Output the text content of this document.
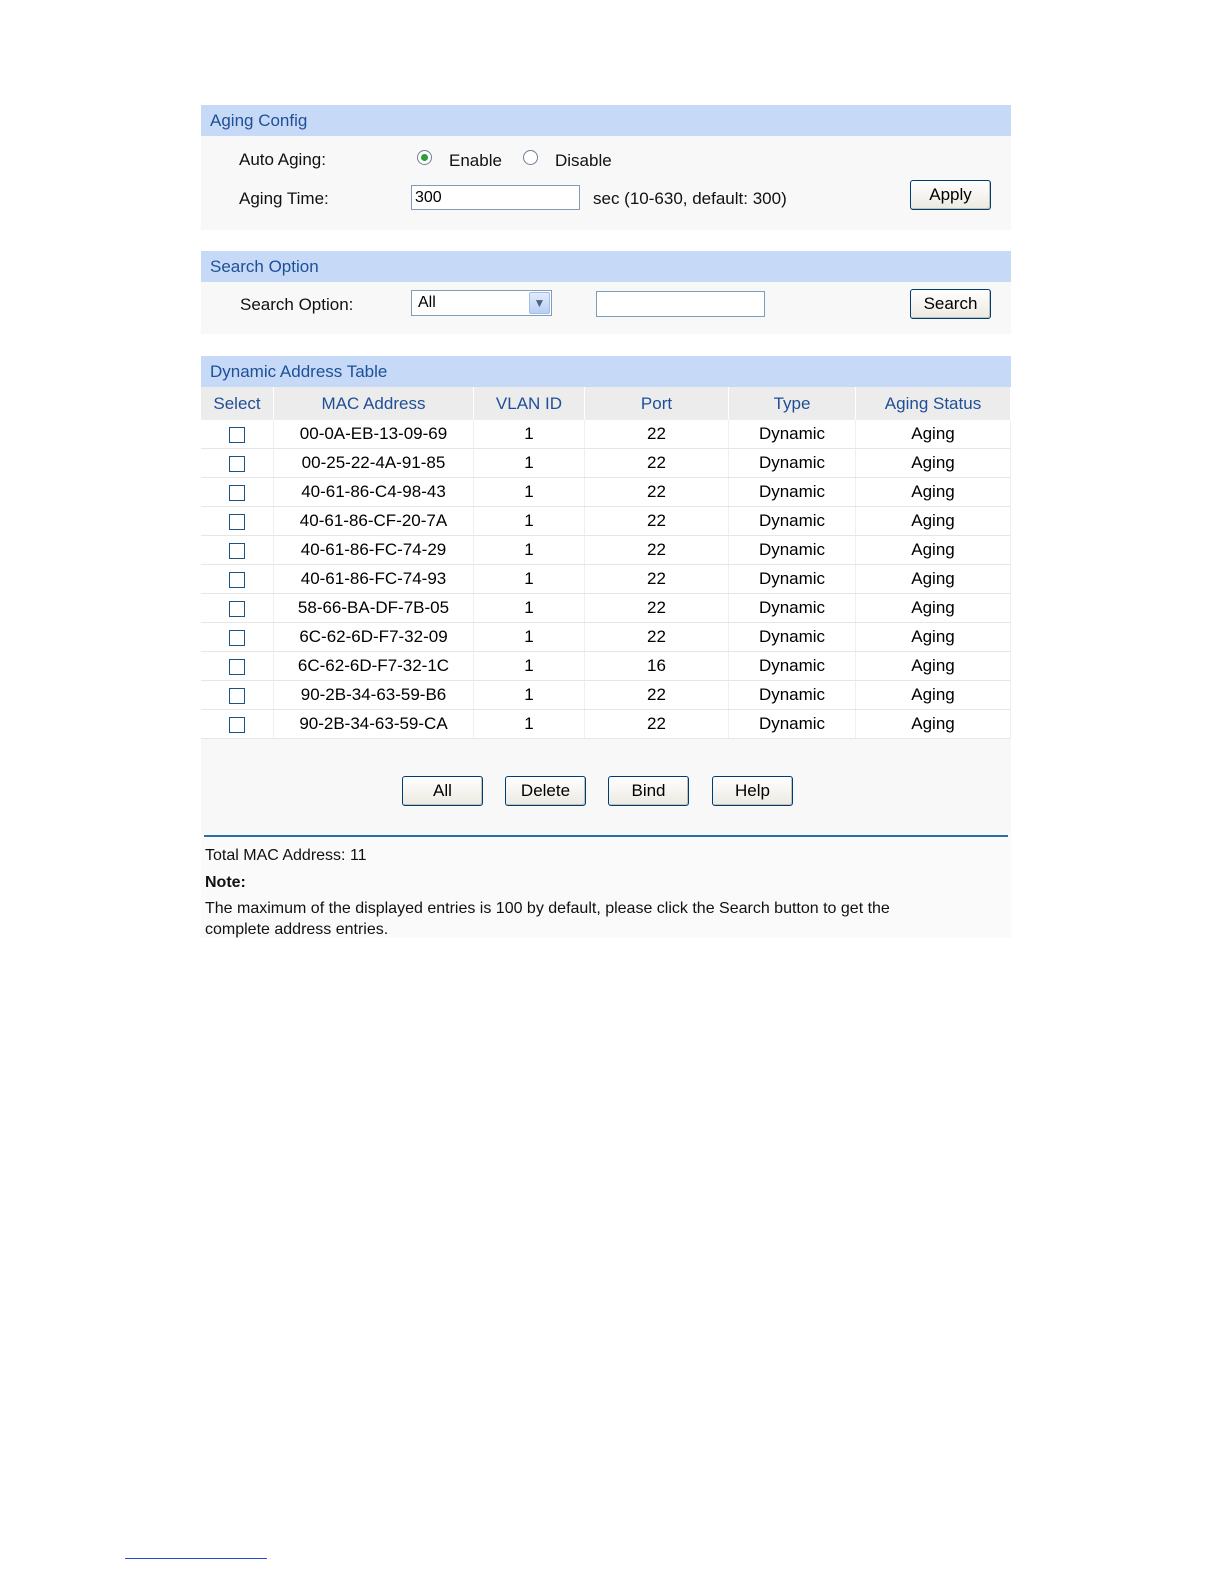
Aging Config
Auto Aging:	Enable	Disable
Aging Time:
300	sec (10-630, default: 300)	Apply
Search Option
Search Option:	All	▼	Search
Dynamic Address Table
Select	MAC Address	VLAN ID	Port	Type	Aging Status
	00-0A-EB-13-09-69	1	22	Dynamic	Aging
	00-25-22-4A-91-85	1	22	Dynamic	Aging
	40-61-86-C4-98-43	1	22	Dynamic	Aging
	40-61-86-CF-20-7A	1	22	Dynamic	Aging
	40-61-86-FC-74-29	1	22	Dynamic	Aging
	40-61-86-FC-74-93	1	22	Dynamic	Aging
	58-66-BA-DF-7B-05	1	22	Dynamic	Aging
	6C-62-6D-F7-32-09	1	22	Dynamic	Aging
	6C-62-6D-F7-32-1C	1	16	Dynamic	Aging
	90-2B-34-63-59-B6	1	22	Dynamic	Aging
	90-2B-34-63-59-CA	1	22	Dynamic	Aging
All	Delete	Bind	Help
Total MAC Address: 11
Note:
The maximum of the displayed entries is 100 by default, please click the Search button to get the
complete address entries.
